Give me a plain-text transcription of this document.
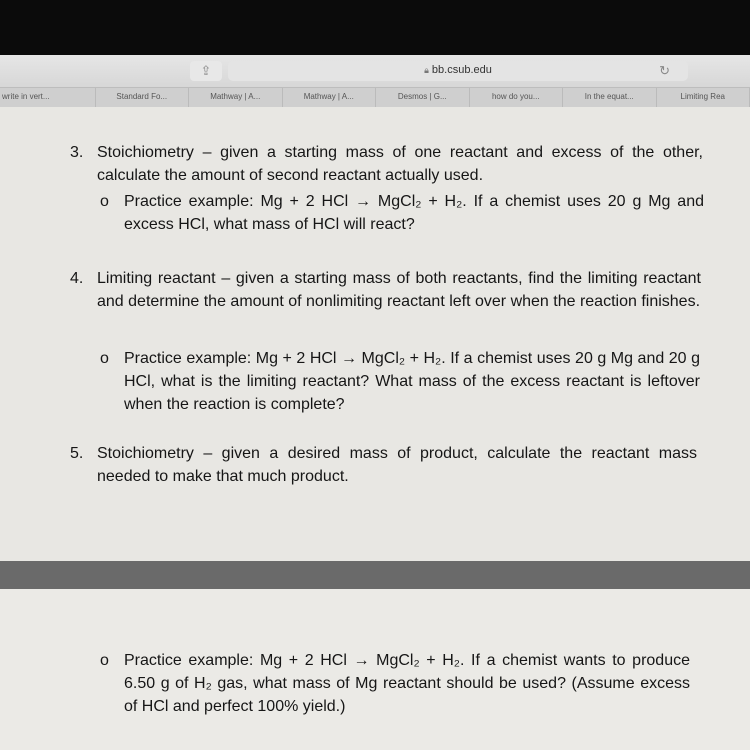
⇪	🔒︎ bb.csub.edu	↻
write in vert...	Standard Fo...	Mathway | A...	Mathway | A...	Desmos | G...	how do you...	In the equat...	Limiting Rea
3. Stoichiometry – given a starting mass of one reactant and excess of the other, calculate the amount of second reactant actually used.
o Practice example: Mg + 2 HCl → MgCl₂ + H₂. If a chemist uses 20 g Mg and excess HCl, what mass of HCl will react?
4. Limiting reactant – given a starting mass of both reactants, find the limiting reactant and determine the amount of nonlimiting reactant left over when the reaction finishes.
o Practice example: Mg + 2 HCl → MgCl₂ + H₂. If a chemist uses 20 g Mg and 20 g HCl, what is the limiting reactant? What mass of the excess reactant is leftover when the reaction is complete?
5. Stoichiometry – given a desired mass of product, calculate the reactant mass needed to make that much product.
o Practice example: Mg + 2 HCl → MgCl₂ + H₂. If a chemist wants to produce 6.50 g of H₂ gas, what mass of Mg reactant should be used? (Assume excess of HCl and perfect 100% yield.)
